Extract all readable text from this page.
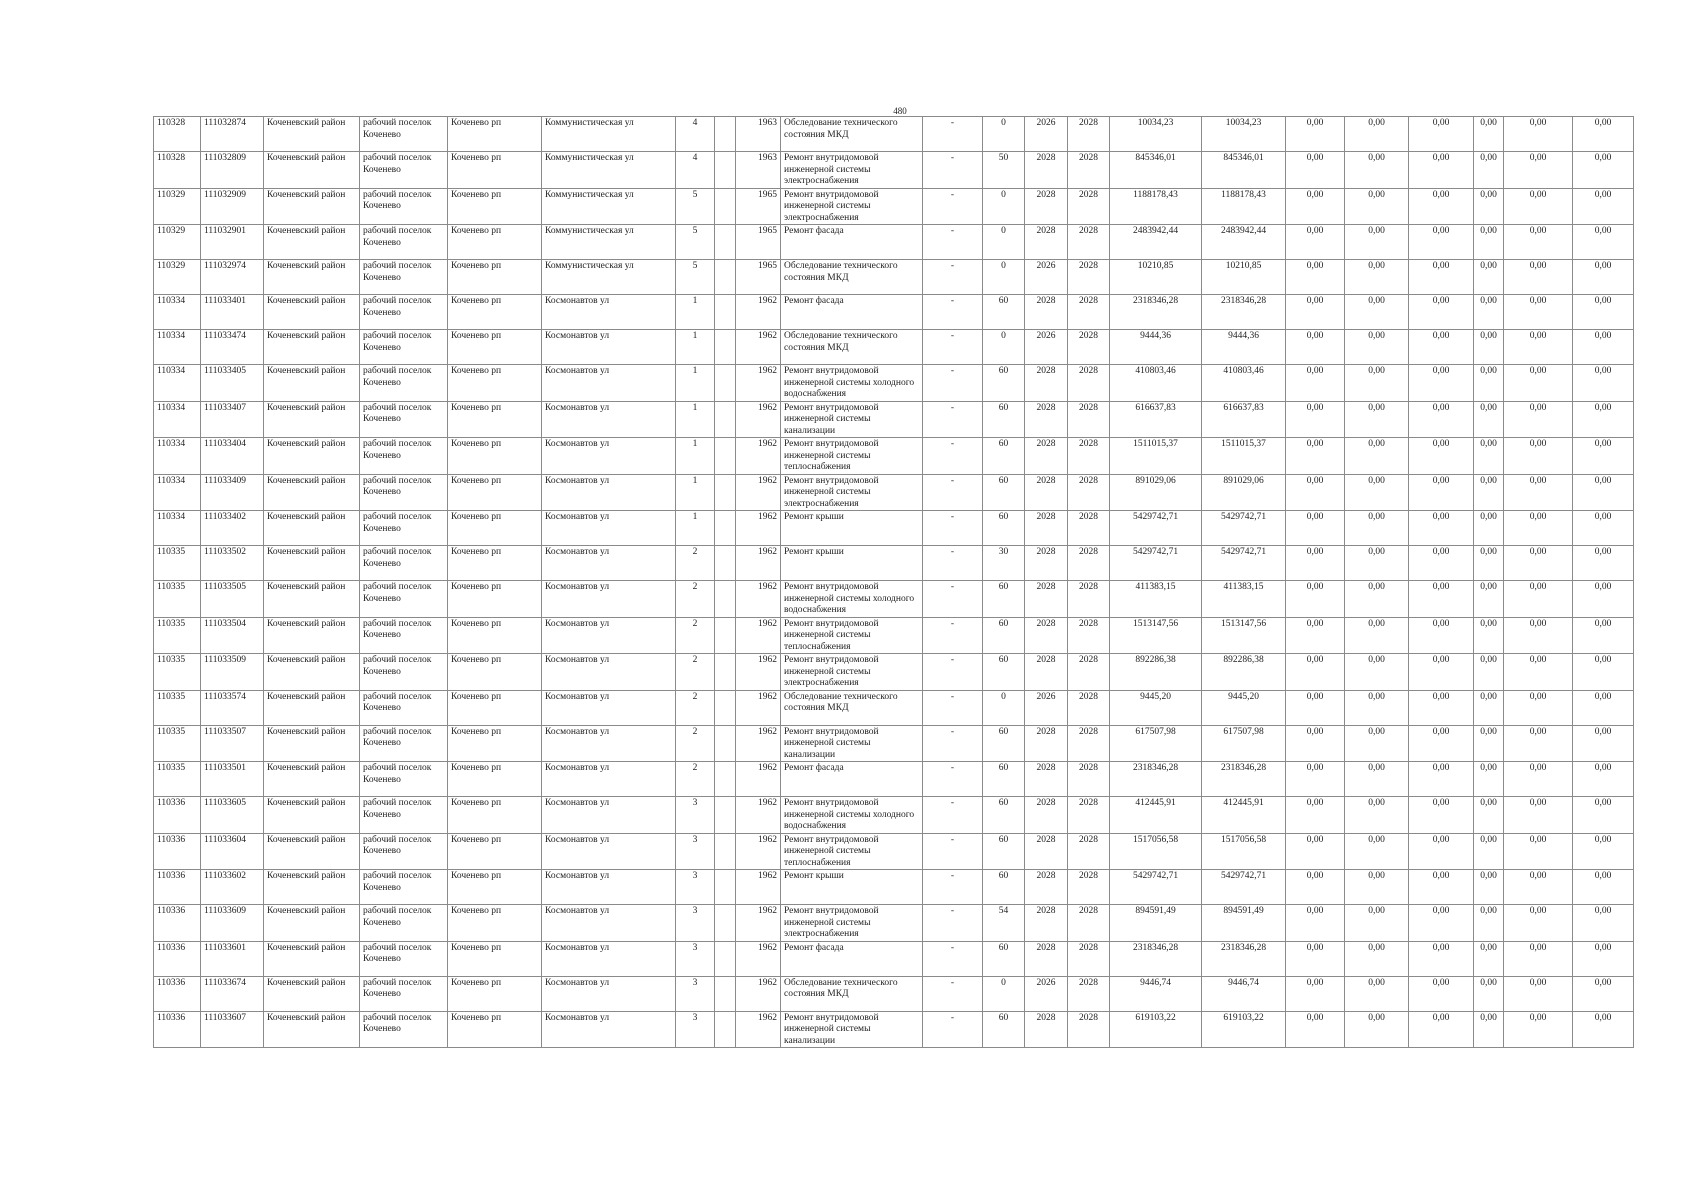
480
110328	111032874	Коченевский район	рабочий поселок Коченево	Коченево рп	Коммунистическая ул	4		1963	Обследование технического состояния МКД	-	0	2026	2028	10034,23	10034,23	0,00	0,00	0,00	0,00	0,00	0,00
110328	111032809	Коченевский район	рабочий поселок Коченево	Коченево рп	Коммунистическая ул	4		1963	Ремонт внутридомовой инженерной системы электроснабжения	-	50	2028	2028	845346,01	845346,01	0,00	0,00	0,00	0,00	0,00	0,00
110329	111032909	Коченевский район	рабочий поселок Коченево	Коченево рп	Коммунистическая ул	5		1965	Ремонт внутридомовой инженерной системы электроснабжения	-	0	2028	2028	1188178,43	1188178,43	0,00	0,00	0,00	0,00	0,00	0,00
110329	111032901	Коченевский район	рабочий поселок Коченево	Коченево рп	Коммунистическая ул	5		1965	Ремонт фасада	-	0	2028	2028	2483942,44	2483942,44	0,00	0,00	0,00	0,00	0,00	0,00
110329	111032974	Коченевский район	рабочий поселок Коченево	Коченево рп	Коммунистическая ул	5		1965	Обследование технического состояния МКД	-	0	2026	2028	10210,85	10210,85	0,00	0,00	0,00	0,00	0,00	0,00
110334	111033401	Коченевский район	рабочий поселок Коченево	Коченево рп	Космонавтов ул	1		1962	Ремонт фасада	-	60	2028	2028	2318346,28	2318346,28	0,00	0,00	0,00	0,00	0,00	0,00
110334	111033474	Коченевский район	рабочий поселок Коченево	Коченево рп	Космонавтов ул	1		1962	Обследование технического состояния МКД	-	0	2026	2028	9444,36	9444,36	0,00	0,00	0,00	0,00	0,00	0,00
110334	111033405	Коченевский район	рабочий поселок Коченево	Коченево рп	Космонавтов ул	1		1962	Ремонт внутридомовой инженерной системы холодного водоснабжения	-	60	2028	2028	410803,46	410803,46	0,00	0,00	0,00	0,00	0,00	0,00
110334	111033407	Коченевский район	рабочий поселок Коченево	Коченево рп	Космонавтов ул	1		1962	Ремонт внутридомовой инженерной системы канализации	-	60	2028	2028	616637,83	616637,83	0,00	0,00	0,00	0,00	0,00	0,00
110334	111033404	Коченевский район	рабочий поселок Коченево	Коченево рп	Космонавтов ул	1		1962	Ремонт внутридомовой инженерной системы теплоснабжения	-	60	2028	2028	1511015,37	1511015,37	0,00	0,00	0,00	0,00	0,00	0,00
110334	111033409	Коченевский район	рабочий поселок Коченево	Коченево рп	Космонавтов ул	1		1962	Ремонт внутридомовой инженерной системы электроснабжения	-	60	2028	2028	891029,06	891029,06	0,00	0,00	0,00	0,00	0,00	0,00
110334	111033402	Коченевский район	рабочий поселок Коченево	Коченево рп	Космонавтов ул	1		1962	Ремонт крыши	-	60	2028	2028	5429742,71	5429742,71	0,00	0,00	0,00	0,00	0,00	0,00
110335	111033502	Коченевский район	рабочий поселок Коченево	Коченево рп	Космонавтов ул	2		1962	Ремонт крыши	-	30	2028	2028	5429742,71	5429742,71	0,00	0,00	0,00	0,00	0,00	0,00
110335	111033505	Коченевский район	рабочий поселок Коченево	Коченево рп	Космонавтов ул	2		1962	Ремонт внутридомовой инженерной системы холодного водоснабжения	-	60	2028	2028	411383,15	411383,15	0,00	0,00	0,00	0,00	0,00	0,00
110335	111033504	Коченевский район	рабочий поселок Коченево	Коченево рп	Космонавтов ул	2		1962	Ремонт внутридомовой инженерной системы теплоснабжения	-	60	2028	2028	1513147,56	1513147,56	0,00	0,00	0,00	0,00	0,00	0,00
110335	111033509	Коченевский район	рабочий поселок Коченево	Коченево рп	Космонавтов ул	2		1962	Ремонт внутридомовой инженерной системы электроснабжения	-	60	2028	2028	892286,38	892286,38	0,00	0,00	0,00	0,00	0,00	0,00
110335	111033574	Коченевский район	рабочий поселок Коченево	Коченево рп	Космонавтов ул	2		1962	Обследование технического состояния МКД	-	0	2026	2028	9445,20	9445,20	0,00	0,00	0,00	0,00	0,00	0,00
110335	111033507	Коченевский район	рабочий поселок Коченево	Коченево рп	Космонавтов ул	2		1962	Ремонт внутридомовой инженерной системы канализации	-	60	2028	2028	617507,98	617507,98	0,00	0,00	0,00	0,00	0,00	0,00
110335	111033501	Коченевский район	рабочий поселок Коченево	Коченево рп	Космонавтов ул	2		1962	Ремонт фасада	-	60	2028	2028	2318346,28	2318346,28	0,00	0,00	0,00	0,00	0,00	0,00
110336	111033605	Коченевский район	рабочий поселок Коченево	Коченево рп	Космонавтов ул	3		1962	Ремонт внутридомовой инженерной системы холодного водоснабжения	-	60	2028	2028	412445,91	412445,91	0,00	0,00	0,00	0,00	0,00	0,00
110336	111033604	Коченевский район	рабочий поселок Коченево	Коченево рп	Космонавтов ул	3		1962	Ремонт внутридомовой инженерной системы теплоснабжения	-	60	2028	2028	1517056,58	1517056,58	0,00	0,00	0,00	0,00	0,00	0,00
110336	111033602	Коченевский район	рабочий поселок Коченево	Коченево рп	Космонавтов ул	3		1962	Ремонт крыши	-	60	2028	2028	5429742,71	5429742,71	0,00	0,00	0,00	0,00	0,00	0,00
110336	111033609	Коченевский район	рабочий поселок Коченево	Коченево рп	Космонавтов ул	3		1962	Ремонт внутридомовой инженерной системы электроснабжения	-	54	2028	2028	894591,49	894591,49	0,00	0,00	0,00	0,00	0,00	0,00
110336	111033601	Коченевский район	рабочий поселок Коченево	Коченево рп	Космонавтов ул	3		1962	Ремонт фасада	-	60	2028	2028	2318346,28	2318346,28	0,00	0,00	0,00	0,00	0,00	0,00
110336	111033674	Коченевский район	рабочий поселок Коченево	Коченево рп	Космонавтов ул	3		1962	Обследование технического состояния МКД	-	0	2026	2028	9446,74	9446,74	0,00	0,00	0,00	0,00	0,00	0,00
110336	111033607	Коченевский район	рабочий поселок Коченево	Коченево рп	Космонавтов ул	3		1962	Ремонт внутридомовой инженерной системы канализации	-	60	2028	2028	619103,22	619103,22	0,00	0,00	0,00	0,00	0,00	0,00
